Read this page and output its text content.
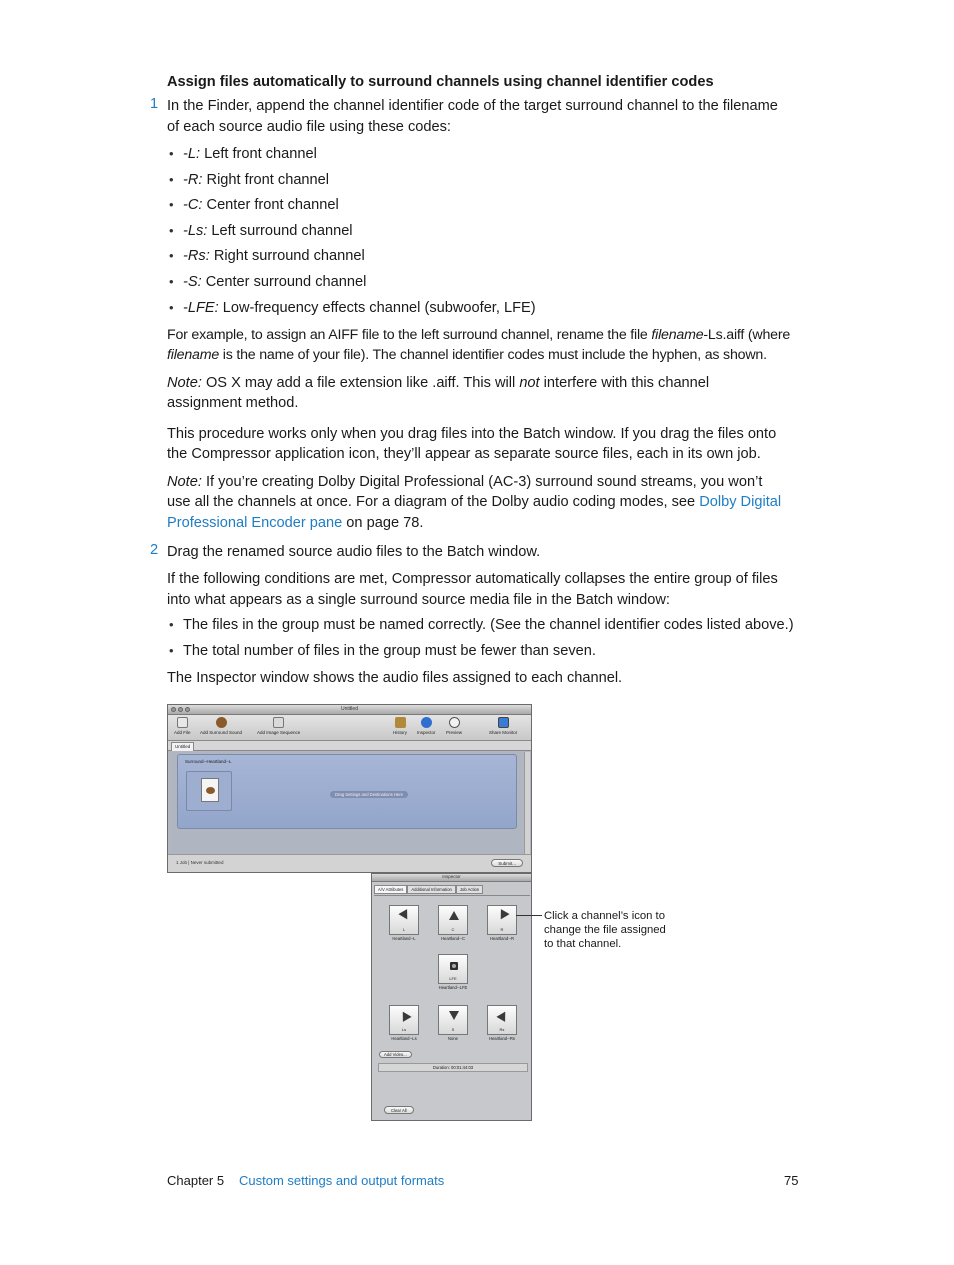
Assign files automatically to surround channels using channel identifier codes
1 In the Finder, append the channel identifier code of the target surround channel to the filename
of each source audio file using these codes:
• -L: Left front channel
• -R: Right front channel
• -C: Center front channel
• -Ls: Left surround channel
• -Rs: Right surround channel
• -S: Center surround channel
• -LFE: Low-frequency effects channel (subwoofer, LFE)
For example, to assign an AIFF file to the left surround channel, rename the file filename-Ls.aiff (where
filename is the name of your file). The channel identifier codes must include the hyphen, as shown.
Note: OS X may add a file extension like .aiff. This will not interfere with this channel
assignment method.
This procedure works only when you drag files into the Batch window. If you drag the files onto
the Compressor application icon, they’ll appear as separate source files, each in its own job.
Note: If you’re creating Dolby Digital Professional (AC-3) surround sound streams, you won’t
use all the channels at once. For a diagram of the Dolby audio coding modes, see Dolby Digital
Professional Encoder pane on page 78.
2 Drag the renamed source audio files to the Batch window.
If the following conditions are met, Compressor automatically collapses the entire group of files
into what appears as a single surround source media file in the Batch window:
• The files in the group must be named correctly. (See the channel identifier codes listed above.)
• The total number of files in the group must be fewer than seven.
The Inspector window shows the audio files assigned to each channel.
Untitled
Add File Add Surround Sound	Add Image Sequence	History Inspector Preview	Share Monitor
Untitled
Surround--Heartland--L
Drag Settings and Destinations Here
1 Job | Never submitted	Submit...
Inspector
A/V Attributes	Additional Information	Job Action
L
Heartland--L
C
Heartland--C
R
Heartland--R
LFE
Heartland--LFE
Ls
Heartland--Ls
S
None
Rs
Heartland--Rs
Add Video...
Duration: 00:01:44:03
Clear All
Click a channel’s icon to
change the file assigned
to that channel.
Chapter 5 Custom settings and output formats	75
